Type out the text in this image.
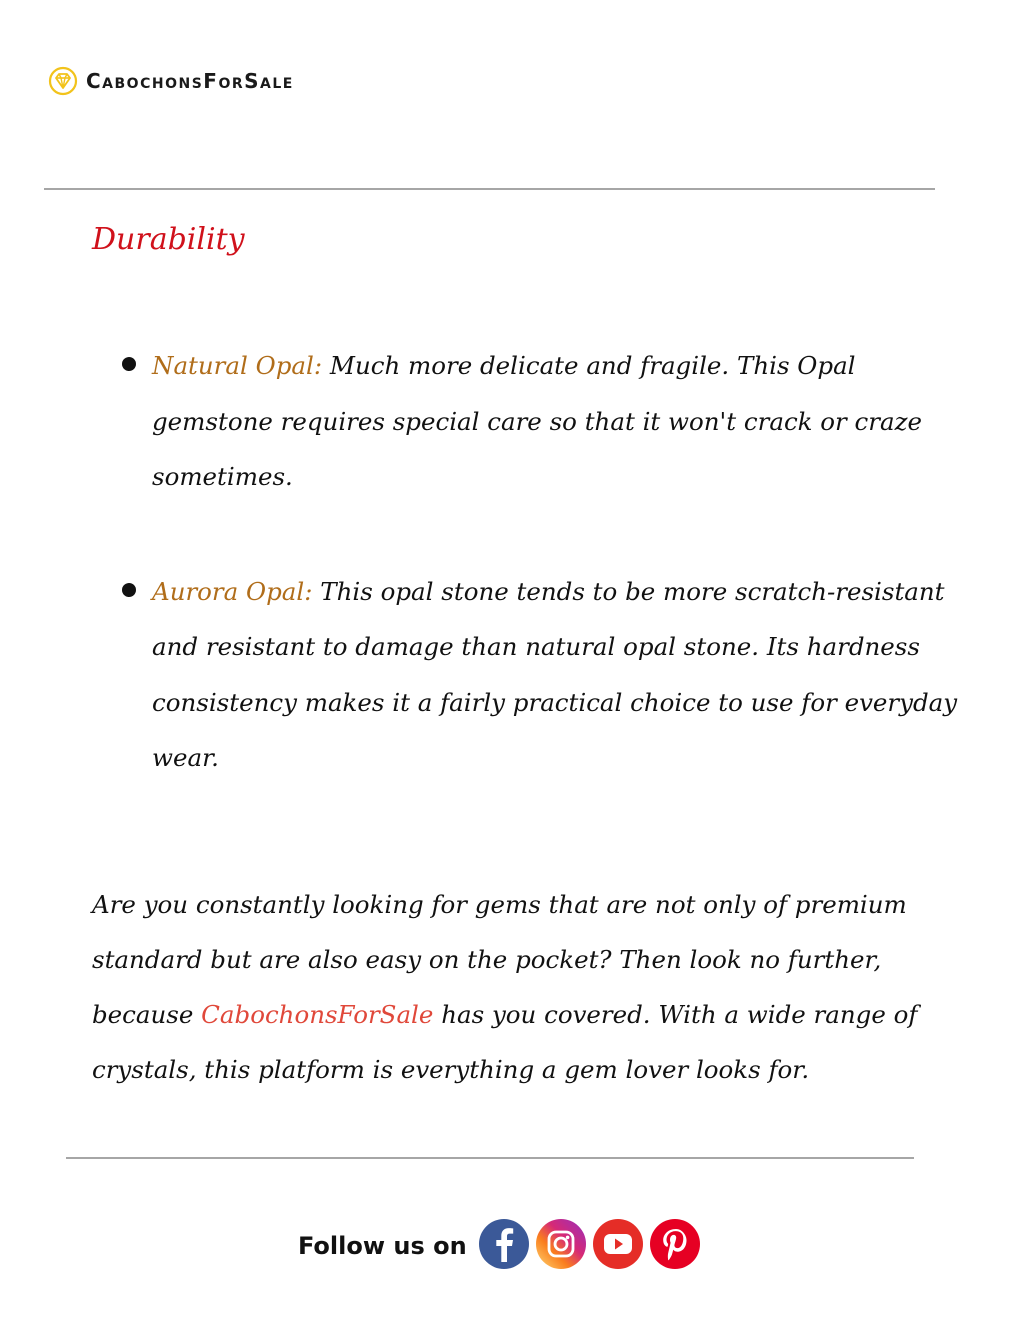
CabochonsForSale
Durability
Natural Opal: Much more delicate and fragile. This Opal gemstone requires special care so that it won't crack or craze sometimes.
Aurora Opal: This opal stone tends to be more scratch-resistant and resistant to damage than natural opal stone. Its hardness consistency makes it a fairly practical choice to use for everyday wear.

Are you constantly looking for gems that are not only of premium standard but are also easy on the pocket? Then look no further, because CabochonsForSale has you covered. With a wide range of crystals, this platform is everything a gem lover looks for.

Follow us on
